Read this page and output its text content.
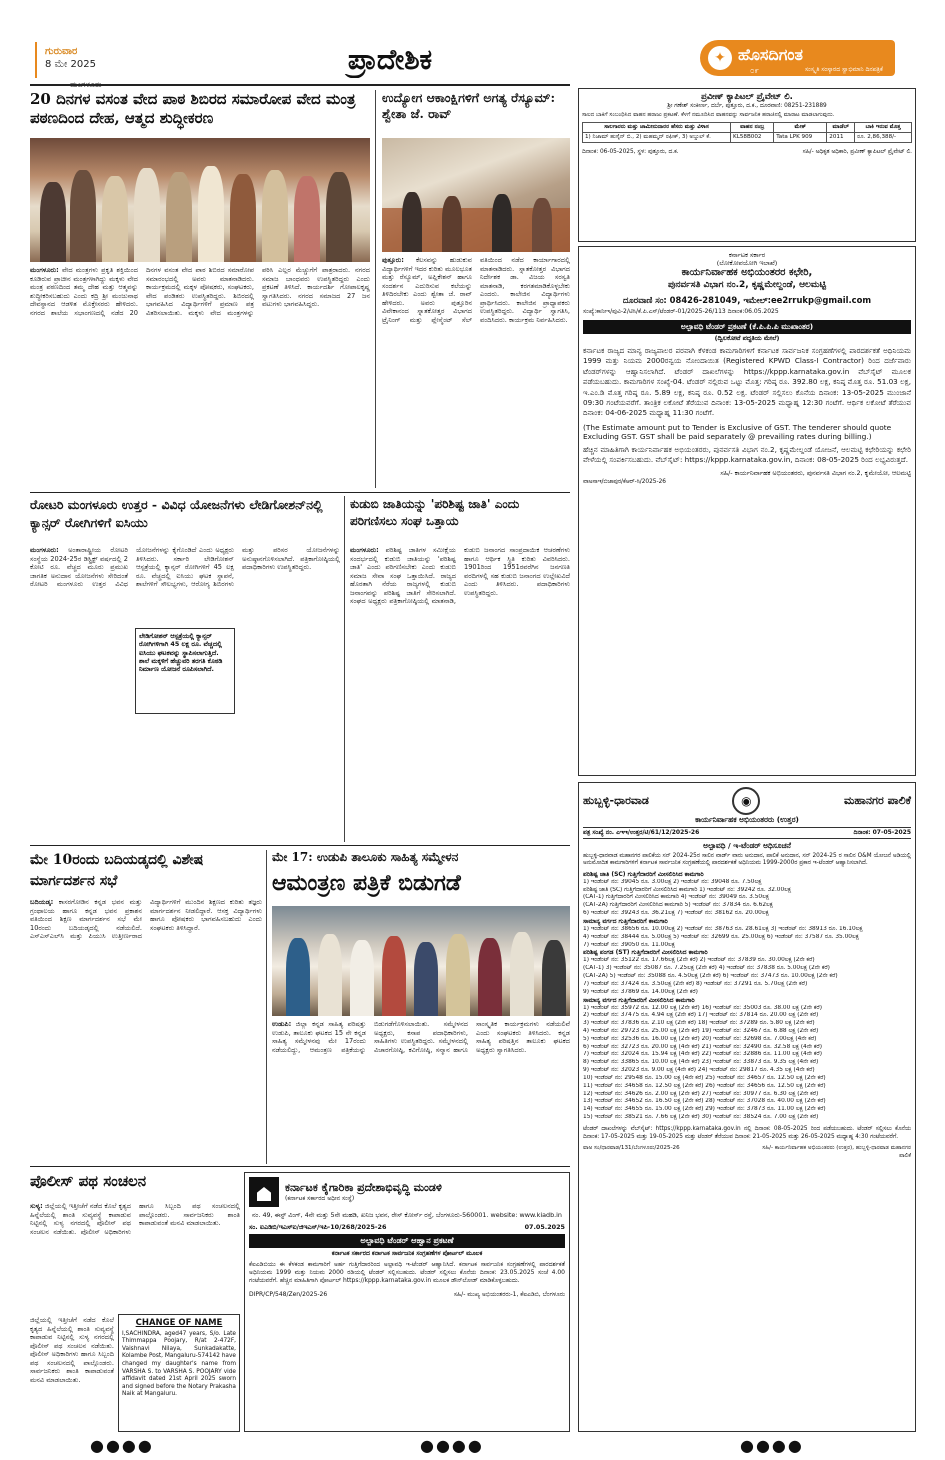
ಗುರುವಾರ
8 ಮೇ 2025	ಪ್ರಾದೇಶಿಕ	✦ ಹೊಸದಿಗಂತ
೦೯	ಸಂಸ್ಕೃತಿ ಸಂಸ್ಕಾರದ ಸ್ವಾಭಿಮಾನಿ ದಿನಪತ್ರಿಕೆ
20 ದಿನಗಳ ವಸಂತ ವೇದ ಪಾಠ ಶಿಬಿರದ ಸಮಾರೋಪ ವೇದ ಮಂತ್ರ ಪಠಣದಿಂದ ದೇಹ, ಆತ್ಮದ ಶುದ್ಧೀಕರಣ
ಮಂಗಳೂರು: ವೇದ ಮಂತ್ರಗಳು ಪ್ರಕೃತಿ ಶಕ್ತಿಯಿಂದ ಕೂಡಿರುವ ಪ್ರಾಚೀನ ಮಂತ್ರಗಳಾಗಿದ್ದು ಮಕ್ಕಳು ವೇದ ಮಂತ್ರ ಪಠಣದಿಂದ ತಮ್ಮ ದೇಹ ಮತ್ತು ಆತ್ಮವನ್ನು ಶುದ್ಧೀಕರಿಸಬಹುದು ಎಂದು ಕದ್ರಿ ಶ್ರೀ ಮಂಜುನಾಥ ದೇವಸ್ಥಾನದ ಆಡಳಿತ ಮೊಕ್ತೇಸರರು ಹೇಳಿದರು. ನಗರದ ಶಾಲೆಯ ಸಭಾಂಗಣದಲ್ಲಿ ನಡೆದ 20 ದಿನಗಳ ವಸಂತ ವೇದ ಪಾಠ ಶಿಬಿರದ ಸಮಾರೋಪ ಸಮಾರಂಭದಲ್ಲಿ ಅವರು ಮಾತನಾಡಿದರು. ಕಾರ್ಯಕ್ರಮದಲ್ಲಿ ಮಕ್ಕಳ ಪೋಷಕರು, ಸಂಘಟಕರು, ವೇದ ಪಂಡಿತರು ಉಪಸ್ಥಿತರಿದ್ದರು. ಶಿಬಿರದಲ್ಲಿ ಭಾಗವಹಿಸಿದ ವಿದ್ಯಾರ್ಥಿಗಳಿಗೆ ಪ್ರಮಾಣ ಪತ್ರ ವಿತರಿಸಲಾಯಿತು. ಮಕ್ಕಳು ವೇದ ಮಂತ್ರಗಳನ್ನು ಪಠಿಸಿ ಎಲ್ಲರ ಮೆಚ್ಚುಗೆಗೆ ಪಾತ್ರರಾದರು. ನಗರದ ಸಮಾಜ ಬಾಂಧವರು ಉಪಸ್ಥಿತರಿದ್ದರು ಎಂದು ಪ್ರಕಟಣೆ ತಿಳಿಸಿದೆ. ಕಾರ್ಯದರ್ಶಿ ಗೋಪಾಲಕೃಷ್ಣ ಸ್ವಾಗತಿಸಿದರು. ನಗರದ ಸಮಾಜದ 27 ಜನ ವಟುಗಳು ಭಾಗವಹಿಸಿದ್ದರು.
ಉದ್ಯೋಗ ಆಕಾಂಕ್ಷಿಗಳಿಗೆ ಅಗತ್ಯ ರೆಸ್ಯೂಮ್: ಶ್ವೇತಾ ಜೆ. ರಾವ್
ಪುತ್ತೂರು: ಕೆಲಸವನ್ನು ಹುಡುಕುವ ವಿದ್ಯಾರ್ಥಿಗಳಿಗೆ ಇದರ ಕುರಿತು ಮೂಲಭೂತ ಮತ್ತು ರೆಸ್ಯೂಮ್, ಅಪ್ಲಿಕೇಶನ್ ಹಾಗೂ ಸಂದರ್ಶನ ಎದುರಿಸುವ ಕಲೆಯನ್ನು ತಿಳಿದಿರಬೇಕು ಎಂದು ಶ್ವೇತಾ ಜೆ. ರಾವ್ ಹೇಳಿದರು. ಅವರು ಪುತ್ತೂರಿನ ವಿವೇಕಾನಂದ ಸ್ನಾತಕೋತ್ತರ ವಿಭಾಗದ ಟ್ರೈನಿಂಗ್ ಮತ್ತು ಪ್ಲೇಸ್ಮೆಂಟ್ ಸೆಲ್ ವತಿಯಿಂದ ನಡೆದ ಕಾರ್ಯಾಗಾರದಲ್ಲಿ ಮಾತನಾಡಿದರು. ಸ್ನಾತಕೋತ್ತರ ವಿಭಾಗದ ನಿರ್ದೇಶಕ ಡಾ. ವಿಜಯ ಸರಸ್ವತಿ ಮಾತನಾಡಿ, ಕರಗತಮಾಡಿಕೊಳ್ಳಬೇಕು ಎಂದರು. ಕಾಲೇಜಿನ ವಿದ್ಯಾರ್ಥಿಗಳು ಪ್ರಾರ್ಥಿಸಿದರು. ಕಾಲೇಜಿನ ಪ್ರಾಧ್ಯಾಪಕರು ಉಪಸ್ಥಿತರಿದ್ದರು. ವಿದ್ಯಾರ್ಥಿ ಸ್ವಾಗತಿಸಿ, ವಂದಿಸಿದರು. ಕಾರ್ಯಕ್ರಮ ನಿರ್ವಹಿಸಿದರು.
ರೋಟರಿ ಮಂಗಳೂರು ಉತ್ತರ - ವಿವಿಧ ಯೋಜನೆಗಳು ಲೇಡಿಗೋಶನ್‌ನಲ್ಲಿ ಕ್ಯಾನ್ಸರ್ ರೋಗಿಗಳಿಗೆ ಐಸಿಯು
ಮಂಗಳೂರು: ಅಂತಾರಾಷ್ಟ್ರೀಯ ರೋಟರಿ ಸಂಸ್ಥೆಯ 2024-25ರ ಡಿಸ್ಟ್ರಿಕ್ಟ್ ವರ್ಷದಲ್ಲಿ 2 ಕೋಟಿ ರೂ. ವೆಚ್ಚದ ಮೂರು ಪ್ರಮುಖ ಜಾಗತಿಕ ಅನುದಾನ ಯೋಜನೆಗಳು ಸೇರಿದಂತೆ ರೋಟರಿ ಮಂಗಳೂರು ಉತ್ತರ ವಿವಿಧ ಯೋಜನೆಗಳನ್ನು ಕೈಗೊಂಡಿದೆ ಎಂದು ಅಧ್ಯಕ್ಷರು ತಿಳಿಸಿದರು. ಸರ್ಕಾರಿ ಲೇಡಿಗೋಶನ್ ಆಸ್ಪತ್ರೆಯಲ್ಲಿ ಕ್ಯಾನ್ಸರ್ ರೋಗಿಗಳಿಗೆ 45 ಲಕ್ಷ ರೂ. ವೆಚ್ಚದಲ್ಲಿ ಐಸಿಯು ಘಟಕ ಸ್ಥಾಪನೆ, ಶಾಲೆಗಳಿಗೆ ಸೌಲಭ್ಯಗಳು, ಆರೋಗ್ಯ ಶಿಬಿರಗಳು ಮತ್ತು ಪರಿಸರ ಯೋಜನೆಗಳನ್ನು ಅನುಷ್ಠಾನಗೊಳಿಸಲಾಗಿದೆ. ಪತ್ರಿಕಾಗೋಷ್ಠಿಯಲ್ಲಿ ಪದಾಧಿಕಾರಿಗಳು ಉಪಸ್ಥಿತರಿದ್ದರು.
ಲೇಡಿಗೋಶನ್ ಆಸ್ಪತ್ರೆಯಲ್ಲಿ ಕ್ಯಾನ್ಸರ್ ರೋಗಿಗಳಿಗಾಗಿ 45 ಲಕ್ಷ ರೂ. ವೆಚ್ಚದಲ್ಲಿ ಐಸಿಯು ಘಟಕವನ್ನು ಸ್ಥಾಪಿಸಲಾಗುತ್ತಿದೆ. ಶಾಲೆ ಮಕ್ಕಳಿಗೆ ಹೆಚ್ಚುವರಿ ತರಗತಿ ಕೊಠಡಿ ನಿರ್ಮಾಣ ಯೋಜನೆ ರೂಪಿಸಲಾಗಿದೆ.
ಕುಡುಬಿ ಜಾತಿಯನ್ನು 'ಪರಿಶಿಷ್ಟ ಜಾತಿ' ಎಂದು ಪರಿಗಣಿಸಲು ಸಂಘ ಒತ್ತಾಯ
ಮಂಗಳೂರು: ಪರಿಶಿಷ್ಟ ಜಾತಿಗಳ ಸಮೀಕ್ಷೆಯ ಸಂದರ್ಭದಲ್ಲಿ ಕುಡುಬಿ ಜಾತಿಯನ್ನು 'ಪರಿಶಿಷ್ಟ ಜಾತಿ' ಎಂದು ಪರಿಗಣಿಸಬೇಕು ಎಂದು ಕುಡುಬಿ ಸಮಾಜ ಸೇವಾ ಸಂಘ ಒತ್ತಾಯಿಸಿದೆ. ರಾಜ್ಯದ ಹೊರತಾಗಿ ನೆರೆಯ ರಾಜ್ಯಗಳಲ್ಲಿ ಕುಡುಬಿ ಜನಾಂಗವನ್ನು ಪರಿಶಿಷ್ಟ ಜಾತಿಗೆ ಸೇರಿಸಲಾಗಿದೆ. ಸಂಘದ ಅಧ್ಯಕ್ಷರು ಪತ್ರಿಕಾಗೋಷ್ಠಿಯಲ್ಲಿ ಮಾತನಾಡಿ, ಕುಡುಬಿ ಜನಾಂಗದ ಸಾಂಪ್ರದಾಯಿಕ ಆಚರಣೆಗಳು ಹಾಗೂ ಆರ್ಥಿಕ ಸ್ಥಿತಿ ಕುರಿತು ವಿವರಿಸಿದರು. 1901ರಿಂದ 1951ರವರೆಗಿನ ಜನಗಣತಿ ವರದಿಗಳಲ್ಲಿ ಸಹ ಕುಡುಬಿ ಜನಾಂಗದ ಉಲ್ಲೇಖವಿದೆ ಎಂದು ತಿಳಿಸಿದರು. ಪದಾಧಿಕಾರಿಗಳು ಉಪಸ್ಥಿತರಿದ್ದರು.
ಮೇ 10ರಂದು ಬದಿಯಡ್ಕದಲ್ಲಿ ವಿಶೇಷ ಮಾರ್ಗದರ್ಶನ ಸಭೆ
ಬದಿಯಡ್ಕ: ಕಾಸರಗೋಡಿನ ಕನ್ನಡ ಭವನ ಮತ್ತು ಗ್ರಂಥಾಲಯ ಹಾಗೂ ಕನ್ನಡ ಭವನ ಪ್ರಕಾಶನ ವತಿಯಿಂದ ಶಿಕ್ಷಣ ಮಾರ್ಗದರ್ಶನ ಸಭೆ ಮೇ 10ರಂದು ಬದಿಯಡ್ಕದಲ್ಲಿ ನಡೆಯಲಿದೆ. ಎಸ್‌ಎಸ್‌ಎಲ್‌ಸಿ ಮತ್ತು ಪಿಯುಸಿ ಉತ್ತೀರ್ಣರಾದ ವಿದ್ಯಾರ್ಥಿಗಳಿಗೆ ಮುಂದಿನ ಶಿಕ್ಷಣದ ಕುರಿತು ತಜ್ಞರು ಮಾರ್ಗದರ್ಶನ ನೀಡಲಿದ್ದಾರೆ. ಆಸಕ್ತ ವಿದ್ಯಾರ್ಥಿಗಳು ಹಾಗೂ ಪೋಷಕರು ಭಾಗವಹಿಸಬಹುದು ಎಂದು ಸಂಘಟಕರು ತಿಳಿಸಿದ್ದಾರೆ.
ಮೇ 17: ಉಡುಪಿ ತಾಲೂಕು ಸಾಹಿತ್ಯ ಸಮ್ಮೇಳನ
ಆಮಂತ್ರಣ ಪತ್ರಿಕೆ ಬಿಡುಗಡೆ
ಉಡುಪಿ: ಜಿಲ್ಲಾ ಕನ್ನಡ ಸಾಹಿತ್ಯ ಪರಿಷತ್ತು ಉಡುಪಿ, ತಾಲೂಕು ಘಟಕದ 15 ನೇ ಕನ್ನಡ ಸಾಹಿತ್ಯ ಸಮ್ಮೇಳನವು ಮೇ 17ರಂದು ನಡೆಯಲಿದ್ದು, ಆಮಂತ್ರಣ ಪತ್ರಿಕೆಯನ್ನು ಬಿಡುಗಡೆಗೊಳಿಸಲಾಯಿತು. ಸಮ್ಮೇಳನದ ಅಧ್ಯಕ್ಷರು, ಕಸಾಪ ಪದಾಧಿಕಾರಿಗಳು, ಸಾಹಿತಿಗಳು ಉಪಸ್ಥಿತರಿದ್ದರು. ಸಮ್ಮೇಳನದಲ್ಲಿ ವಿಚಾರಗೋಷ್ಠಿ, ಕವಿಗೋಷ್ಠಿ, ಸನ್ಮಾನ ಹಾಗೂ ಸಾಂಸ್ಕೃತಿಕ ಕಾರ್ಯಕ್ರಮಗಳು ನಡೆಯಲಿವೆ ಎಂದು ಸಂಘಟಕರು ತಿಳಿಸಿದರು. ಕನ್ನಡ ಸಾಹಿತ್ಯ ಪರಿಷತ್ತಿನ ತಾಲೂಕು ಘಟಕದ ಅಧ್ಯಕ್ಷರು ಸ್ವಾಗತಿಸಿದರು.
ಪೊಲೀಸ್ ಪಥ ಸಂಚಲನ
ಸುಳ್ಯ: ಜಿಲ್ಲೆಯಲ್ಲಿ ಇತ್ತೀಚೆಗೆ ನಡೆದ ಕೊಲೆ ಕೃತ್ಯದ ಹಿನ್ನೆಲೆಯಲ್ಲಿ ಶಾಂತಿ ಸುವ್ಯವಸ್ಥೆ ಕಾಪಾಡುವ ನಿಟ್ಟಿನಲ್ಲಿ ಸುಳ್ಯ ನಗರದಲ್ಲಿ ಪೊಲೀಸ್ ಪಥ ಸಂಚಲನ ನಡೆಯಿತು. ಪೊಲೀಸ್ ಅಧಿಕಾರಿಗಳು ಹಾಗೂ ಸಿಬ್ಬಂದಿ ಪಥ ಸಂಚಲನದಲ್ಲಿ ಪಾಲ್ಗೊಂಡರು. ಸಾರ್ವಜನಿಕರು ಶಾಂತಿ ಕಾಪಾಡುವಂತೆ ಮನವಿ ಮಾಡಲಾಯಿತು.
CHANGE OF NAME
I,SACHINDRA, aged47 years, S/o. Late Thimmappa Poojary, R/at 2-472F, Vaishnavi Nilaya, Sunkadakatte, Kolambe Post, Mangaluru-574142 have changed my daughter's name from VARSHA S. to VARSHA S. POOJARY vide affidavit dated 21st April 2025 sworn and signed before the Notary Prakasha Naik at Mangaluru.
ಜಿಲ್ಲೆಯಲ್ಲಿ ಇತ್ತೀಚೆಗೆ ನಡೆದ ಕೊಲೆ ಕೃತ್ಯದ ಹಿನ್ನೆಲೆಯಲ್ಲಿ ಶಾಂತಿ ಸುವ್ಯವಸ್ಥೆ ಕಾಪಾಡುವ ನಿಟ್ಟಿನಲ್ಲಿ ಸುಳ್ಯ ನಗರದಲ್ಲಿ ಪೊಲೀಸ್ ಪಥ ಸಂಚಲನ ನಡೆಯಿತು. ಪೊಲೀಸ್ ಅಧಿಕಾರಿಗಳು ಹಾಗೂ ಸಿಬ್ಬಂದಿ ಪಥ ಸಂಚಲನದಲ್ಲಿ ಪಾಲ್ಗೊಂಡರು. ಸಾರ್ವಜನಿಕರು ಶಾಂತಿ ಕಾಪಾಡುವಂತೆ ಮನವಿ ಮಾಡಲಾಯಿತು.
ಕರ್ನಾಟಕ ಕೈಗಾರಿಕಾ ಪ್ರದೇಶಾಭಿವೃದ್ಧಿ ಮಂಡಳಿ
(ಕರ್ನಾಟಕ ಸರ್ಕಾರದ ಅಧೀನ ಸಂಸ್ಥೆ)
ನಂ. 49, ಈಸ್ಟ್ ವಿಂಗ್, 4ನೇ ಮತ್ತು 5ನೇ ಮಹಡಿ, ಖನಿಜ ಭವನ, ರೇಸ್ ಕೋರ್ಸ್ ರಸ್ತೆ, ಬೆಂಗಳೂರು-560001. website: www.kiadb.in
ಸಂ. ಐಎಡಿಬಿ/ಇಎಸ್ಐ/ಜಿಇಎಸ್/ಇಪಿ-10/268/2025-26	07.05.2025
ಅಲ್ಪಾವಧಿ ಟೆಂಡರ್ ಆಹ್ವಾನ ಪ್ರಕಟಣೆ
ಕರ್ನಾಟಕ ಸರ್ಕಾರದ ಕರ್ನಾಟಕ ಸಾರ್ವಜನಿಕ ಸಂಗ್ರಹಣೆಗಳ ಪೋರ್ಟಲ್ ಮೂಲಕ
ಕೆಐಎಡಿಬಿಯು ಈ ಕೆಳಕಂಡ ಕಾಮಗಾರಿಗೆ ಅರ್ಹ ಗುತ್ತಿಗೆದಾರರಿಂದ ಅಲ್ಪಾವಧಿ ಇ-ಟೆಂಡರ್ ಆಹ್ವಾನಿಸಿದೆ. ಕರ್ನಾಟಕ ಸಾರ್ವಜನಿಕ ಸಂಗ್ರಹಣೆಗಳಲ್ಲಿ ಪಾರದರ್ಶಕತೆ ಅಧಿನಿಯಮ 1999 ಮತ್ತು ನಿಯಮ 2000 ರಡಿಯಲ್ಲಿ ಟೆಂಡರ್ ಸಲ್ಲಿಸಬಹುದು. ಟೆಂಡರ್ ಸಲ್ಲಿಸಲು ಕೊನೆಯ ದಿನಾಂಕ: 23.05.2025 ಸಂಜೆ 4.00 ಗಂಟೆಯವರೆಗೆ. ಹೆಚ್ಚಿನ ಮಾಹಿತಿಗಾಗಿ ಪೋರ್ಟಲ್ https://kppp.karnataka.gov.in ಮೂಲಕ ಡೌನ್‌ಲೋಡ್ ಮಾಡಿಕೊಳ್ಳಬಹುದು.
DIPR/CP/548/Zen/2025-26	ಸಹಿ/- ಮುಖ್ಯ ಅಭಿಯಂತರರು-1, ಕೆಐಎಡಿಬಿ, ಬೆಂಗಳೂರು
ಪ್ರವೀಣ್ ಕ್ಯಾಪಿಟಲ್ ಪ್ರೈವೇಟ್ ಲಿ.
ಶ್ರೀ ಗಣೇಶ್ ಸಂಕೀರ್ಣ, ದರ್ಬೆ, ಪುತ್ತೂರು, ದ.ಕ., ದೂರವಾಣಿ: 08251-231889
ಸಾಲದ ಬಾಕಿಗೆ ಸಂಬಂಧಿಸಿದ ವಾಹನ ಹರಾಜು ಪ್ರಕಟಣೆ. ಕೆಳಗೆ ನಮೂದಿಸಿದ ವಾಹನವನ್ನು ಸಾರ್ವಜನಿಕ ಹರಾಜಿನಲ್ಲಿ ಮಾರಾಟ ಮಾಡಲಾಗುವುದು.
ಸಾಲಗಾರರು ಮತ್ತು ಜಾಮೀನುದಾರರ ಹೆಸರು ಮತ್ತು ವಿಳಾಸ	ವಾಹನ ನಂಬ್ರ	ಮೇಕ್	ಮಾಡೆಲ್	ಬಾಕಿ ಇರುವ ಮೊತ್ತ
1) ನಿಜಾಮ್ ಹುಸೈನ್ ಬಿ., 2) ಮಹಮ್ಮದ್ ರಫೀಕ್, 3) ಅಬ್ದುಲ್ ಕೆ.	KL58B002	Tata LPK 909	2011	ರೂ. 2,86,388/-
ದಿನಾಂಕ: 06-05-2025, ಸ್ಥಳ: ಪುತ್ತೂರು, ದ.ಕ.	ಸಹಿ/- ಅಧಿಕೃತ ಅಧಿಕಾರಿ, ಪ್ರವೀಣ್ ಕ್ಯಾಪಿಟಲ್ ಪ್ರೈವೇಟ್ ಲಿ.
ಕರ್ನಾಟಕ ಸರ್ಕಾರ
(ಲೋಕೋಪಯೋಗಿ ಇಲಾಖೆ)
ಕಾರ್ಯನಿರ್ವಾಹಕ ಅಭಿಯಂತರರ ಕಛೇರಿ,
ಪುನರ್ವಸತಿ ವಿಭಾಗ ನಂ.2, ಕೃಷ್ಣಮೇಲ್ದಂಡೆ, ಆಲಮಟ್ಟಿ
ದೂರವಾಣಿ ಸಂ: 08426-281049, ಇಮೇಲ್:ee2rrukp@gmail.com
ಸಂಖ್ಯೆ:ಕಾನೀಇ/ಪುವಿ-2/ಟಿಸಿ/ಕೆ.ಪಿ.ಎಸ್/ಟೆಂಡರ್-01/2025-26/113 ದಿನಾಂಕ:06.05.2025
ಅಲ್ಪಾವಧಿ ಟೆಂಡರ್ ಪ್ರಕಟಣೆ (ಕೆ.ಪಿ.ಪಿ.ಪಿ ಮುಖಾಂತರ)
(ದ್ವಿಲಕೋಟೆ ಪದ್ಧತಿಯ ಮೇಲೆ)
ಕರ್ನಾಟಕ ರಾಜ್ಯದ ಮಾನ್ಯ ರಾಜ್ಯಪಾಲರ ಪರವಾಗಿ ಕೆಳಕಂಡ ಕಾಮಗಾರಿಗಳಿಗೆ ಕರ್ನಾಟಕ ಸಾರ್ವಜನಿಕ ಸಂಗ್ರಹಣೆಗಳಲ್ಲಿ ಪಾರದರ್ಶಕತೆ ಅಧಿನಿಯಮ 1999 ಮತ್ತು ನಿಯಮ 2000ರನ್ವಯ ನೋಂದಾಯಿತ (Registered KPWD Class-I Contractor) ರಿಂದ ದರ್ಜೆವಾರು ಟೆಂಡರ್‌ಗಳನ್ನು ಆಹ್ವಾನಿಸಲಾಗಿದೆ. ಟೆಂಡರ್ ದಾಖಲೆಗಳನ್ನು https://kppp.karnataka.gov.in ವೆಬ್‌ಸೈಟ್ ಮೂಲಕ ಪಡೆಯಬಹುದು. ಕಾಮಗಾರಿಗಳ ಸಂಖ್ಯೆ-04. ಟೆಂಡರ್ ನಲ್ಲಿರುವ ಒಟ್ಟು ಮೊತ್ತ: ಗರಿಷ್ಠ ರೂ. 392.80 ಲಕ್ಷ, ಕನಿಷ್ಠ ಮೊತ್ತ ರೂ. 51.03 ಲಕ್ಷ, ಇ.ಎಂ.ಡಿ ಮೊತ್ತ ಗರಿಷ್ಠ ರೂ. 5.89 ಲಕ್ಷ, ಕನಿಷ್ಠ ರೂ. 0.52 ಲಕ್ಷ. ಟೆಂಡರ್ ಸಲ್ಲಿಸಲು ಕೊನೆಯ ದಿನಾಂಕ: 13-05-2025 ಮುಂಜಾನೆ 09:30 ಗಂಟೆಯವರೆಗೆ. ತಾಂತ್ರಿಕ ಲಕೋಟೆ ತೆರೆಯುವ ದಿನಾಂಕ: 13-05-2025 ಮಧ್ಯಾಹ್ನ 12:30 ಗಂಟೆಗೆ. ಆರ್ಥಿಕ ಲಕೋಟೆ ತೆರೆಯುವ ದಿನಾಂಕ: 04-06-2025 ಮಧ್ಯಾಹ್ನ 11:30 ಗಂಟೆಗೆ.
(The Estimate amount put to Tender is Exclusive of GST. The tenderer should quote Excluding GST. GST shall be paid separately @ prevailing rates during billing.)
ಹೆಚ್ಚಿನ ಮಾಹಿತಿಗಾಗಿ ಕಾರ್ಯನಿರ್ವಾಹಕ ಅಭಿಯಂತರರು, ಪುನರ್ವಸತಿ ವಿಭಾಗ ನಂ.2, ಕೃಷ್ಣಮೇಲ್ದಂಡೆ ಯೋಜನೆ, ಆಲಮಟ್ಟಿ ಕಛೇರಿಯನ್ನು ಕಛೇರಿ ವೇಳೆಯಲ್ಲಿ ಸಂಪರ್ಕಿಸಬಹುದು. ವೆಬ್‌ಸೈಟ್: https://kppp.karnataka.gov.in, ದಿನಾಂಕ: 08-05-2025 ರಿಂದ ಲಭ್ಯವಿರುತ್ತದೆ.
ಸಹಿ/- ಕಾರ್ಯನಿರ್ವಾಹಕ ಅಭಿಯಂತರರು, ಪುನರ್ವಸತಿ ವಿಭಾಗ ನಂ.2, ಕೃಮೇಯೋ, ಆಲಮಟ್ಟಿ
ವಾಅಸಾಇ/ಬಿಜಾಪುರ/ಕೆಆರ್-ಸಿ/2025-26
ಹುಬ್ಬಳ್ಳಿ-ಧಾರವಾಡ	◉	ಮಹಾನಗರ ಪಾಲಿಕೆ
ಕಾರ್ಯನಿರ್ವಾಹಕ ಅಭಿಯಂತರರು (ಉತ್ತರ)
ಪತ್ರ ಸಂಖ್ಯೆ ನಂ. ಎಇಇ/ಉತ್ತರ/ಟಿ/61/12/2025-26	ದಿನಾಂಕ: 07-05-2025
ಅಲ್ಪಾವಧಿ / ಇ-ಟೆಂಡರ್ ಅಧಿಸೂಚನೆ
ಹುಬ್ಬಳ್ಳಿ-ಧಾರವಾಡ ಮಹಾನಗರ ಪಾಲಿಕೆಯ ಸನ್ 2024-25ರ ಸಾಲಿನ ವಾರ್ಡ್ ವಾರು ಅನುದಾನ, ಪಾಲಿಕೆ ಅನುದಾನ, ಸನ್ 2024-25 ರ ಸಾಲಿನ O&M ಯೋಜನೆ ಅಡಿಯಲ್ಲಿ ಅನುಮೋದಿತ ಕಾಮಗಾರಿಗಳಿಗೆ ಕರ್ನಾಟಕ ಸಾರ್ವಜನಿಕ ಸಂಗ್ರಹಣೆಯಲ್ಲಿ ಪಾರದರ್ಶಕತೆ ಅಧಿನಿಯಮ 1999-2000ರ ಪ್ರಕಾರ ಇ-ಟೆಂಡರ್ ಆಹ್ವಾನಿಸಲಾಗಿದೆ.
ಪರಿಶಿಷ್ಟ ಜಾತಿ (SC) ಗುತ್ತಿಗೆದಾರರಿಗೆ ಮೀಸಲಿರಿಸಿದ ಕಾಮಗಾರಿ
1) ಇಂಡೆಂಟ್ ನಂ: 39045 ರೂ. 3.00ಲಕ್ಷ 2) ಇಂಡೆಂಟ್ ನಂ: 39048 ರೂ. 7.50ಲಕ್ಷ
ಪರಿಶಿಷ್ಟ ಜಾತಿ (SC) ಗುತ್ತಿಗೆದಾರರಿಗೆ ಮೀಸಲಿರಿಸಿದ ಕಾಮಗಾರಿ 1) ಇಂಡೆಂಟ್ ನಂ: 39242 ರೂ. 32.00ಲಕ್ಷ
(CAT-1) ಗುತ್ತಿಗೆದಾರರಿಗೆ ಮೀಸಲಿರಿಸಿದ ಕಾಮಗಾರಿ 4) ಇಂಡೆಂಟ್ ನಂ: 39049 ರೂ. 3.50ಲಕ್ಷ
(CAT-2A) ಗುತ್ತಿಗೆದಾರರಿಗೆ ಮೀಸಲಿರಿಸಿದ ಕಾಮಗಾರಿ 5) ಇಂಡೆಂಟ್ ನಂ: 37834 ರೂ. 6.62ಲಕ್ಷ
6) ಇಂಡೆಂಟ್ ನಂ: 39243 ರೂ. 36.21ಲಕ್ಷ 7) ಇಂಡೆಂಟ್ ನಂ: 38162 ರೂ. 20.00ಲಕ್ಷ
ಸಾಮಾನ್ಯ ವರ್ಗದ ಗುತ್ತಿಗೆದಾರರಿಗೆ ಕಾಮಗಾರಿ
1) ಇಂಡೆಂಟ್ ನಂ: 38656 ರೂ. 10.00ಲಕ್ಷ 2) ಇಂಡೆಂಟ್ ನಂ: 38763 ರೂ. 28.61ಲಕ್ಷ 3) ಇಂಡೆಂಟ್ ನಂ: 38913 ರೂ. 16.10ಲಕ್ಷ
4) ಇಂಡೆಂಟ್ ನಂ: 38444 ರೂ. 5.00ಲಕ್ಷ 5) ಇಂಡೆಂಟ್ ನಂ: 32699 ರೂ. 25.00ಲಕ್ಷ 6) ಇಂಡೆಂಟ್ ನಂ: 37587 ರೂ. 35.00ಲಕ್ಷ
7) ಇಂಡೆಂಟ್ ನಂ: 39050 ರೂ. 11.00ಲಕ್ಷ
ಪರಿಶಿಷ್ಟ ಪಂಗಡ (ST) ಗುತ್ತಿಗೆದಾರರಿಗೆ ಮೀಸಲಿರಿಸಿದ ಕಾಮಗಾರಿ
1) ಇಂಡೆಂಟ್ ನಂ: 35122 ರೂ. 17.66ಲಕ್ಷ (2ನೇ ಕರೆ) 2) ಇಂಡೆಂಟ್ ನಂ: 37839 ರೂ. 30.00ಲಕ್ಷ (2ನೇ ಕರೆ)
(CAT-1) 3) ಇಂಡೆಂಟ್ ನಂ: 35087 ರೂ. 7.25ಲಕ್ಷ (2ನೇ ಕರೆ) 4) ಇಂಡೆಂಟ್ ನಂ: 37838 ರೂ. 5.00ಲಕ್ಷ (2ನೇ ಕರೆ)
(CAT-2A) 5) ಇಂಡೆಂಟ್ ನಂ: 35088 ರೂ. 4.50ಲಕ್ಷ (2ನೇ ಕರೆ) 6) ಇಂಡೆಂಟ್ ನಂ: 37473 ರೂ. 10.00ಲಕ್ಷ (2ನೇ ಕರೆ)
7) ಇಂಡೆಂಟ್ ನಂ: 37424 ರೂ. 3.50ಲಕ್ಷ (2ನೇ ಕರೆ) 8) ಇಂಡೆಂಟ್ ನಂ: 37291 ರೂ. 5.70ಲಕ್ಷ (2ನೇ ಕರೆ)
9) ಇಂಡೆಂಟ್ ನಂ: 37869 ರೂ. 14.00ಲಕ್ಷ (2ನೇ ಕರೆ)
ಸಾಮಾನ್ಯ ವರ್ಗದ ಗುತ್ತಿಗೆದಾರರಿಗೆ ಮೀಸಲಿರಿಸಿದ ಕಾಮಗಾರಿ
1) ಇಂಡೆಂಟ್ ನಂ: 35972 ರೂ. 12.00 ಲಕ್ಷ (2ನೇ ಕರೆ) 16) ಇಂಡೆಂಟ್ ನಂ: 35003 ರೂ. 38.00 ಲಕ್ಷ (2ನೇ ಕರೆ)
2) ಇಂಡೆಂಟ್ ನಂ: 37475 ರೂ. 4.94 ಲಕ್ಷ (2ನೇ ಕರೆ) 17) ಇಂಡೆಂಟ್ ನಂ: 37814 ರೂ. 20.00 ಲಕ್ಷ (2ನೇ ಕರೆ)
3) ಇಂಡೆಂಟ್ ನಂ: 37836 ರೂ. 2.10 ಲಕ್ಷ (2ನೇ ಕರೆ) 18) ಇಂಡೆಂಟ್ ನಂ: 37289 ರೂ. 5.80 ಲಕ್ಷ (2ನೇ ಕರೆ)
4) ಇಂಡೆಂಟ್ ನಂ: 29723 ರೂ. 25.00 ಲಕ್ಷ (2ನೇ ಕರೆ) 19) ಇಂಡೆಂಟ್ ನಂ: 32467 ರೂ. 6.88 ಲಕ್ಷ (2ನೇ ಕರೆ)
5) ಇಂಡೆಂಟ್ ನಂ: 32536 ರೂ. 16.00 ಲಕ್ಷ (2ನೇ ಕರೆ) 20) ಇಂಡೆಂಟ್ ನಂ: 32698 ರೂ. 7.00ಲಕ್ಷ (4ನೇ ಕರೆ)
6) ಇಂಡೆಂಟ್ ನಂ: 32723 ರೂ. 20.00 ಲಕ್ಷ (4ನೇ ಕರೆ) 21) ಇಂಡೆಂಟ್ ನಂ: 32490 ರೂ. 32.58 ಲಕ್ಷ (4ನೇ ಕರೆ)
7) ಇಂಡೆಂಟ್ ನಂ: 32024 ರೂ. 15.94 ಲಕ್ಷ (4ನೇ ಕರೆ) 22) ಇಂಡೆಂಟ್ ನಂ: 32886 ರೂ. 11.00 ಲಕ್ಷ (4ನೇ ಕರೆ)
8) ಇಂಡೆಂಟ್ ನಂ: 33865 ರೂ. 10.00 ಲಕ್ಷ (4ನೇ ಕರೆ) 23) ಇಂಡೆಂಟ್ ನಂ: 33873 ರೂ. 9.35 ಲಕ್ಷ (4ನೇ ಕರೆ)
9) ಇಂಡೆಂಟ್ ನಂ: 32023 ರೂ. 9.00 ಲಕ್ಷ (4ನೇ ಕರೆ) 24) ಇಂಡೆಂಟ್ ನಂ: 29817 ರೂ. 4.35 ಲಕ್ಷ (4ನೇ ಕರೆ)
10) ಇಂಡೆಂಟ್ ನಂ: 29548 ರೂ. 15.00 ಲಕ್ಷ (4ನೇ ಕರೆ) 25) ಇಂಡೆಂಟ್ ನಂ: 34657 ರೂ. 12.50 ಲಕ್ಷ (2ನೇ ಕರೆ)
11) ಇಂಡೆಂಟ್ ನಂ: 34658 ರೂ. 12.50 ಲಕ್ಷ (2ನೇ ಕರೆ) 26) ಇಂಡೆಂಟ್ ನಂ: 34656 ರೂ. 12.50 ಲಕ್ಷ (2ನೇ ಕರೆ)
12) ಇಂಡೆಂಟ್ ನಂ: 34626 ರೂ. 2.00 ಲಕ್ಷ (2ನೇ ಕರೆ) 27) ಇಂಡೆಂಟ್ ನಂ: 30977 ರೂ. 6.30 ಲಕ್ಷ (2ನೇ ಕರೆ)
13) ಇಂಡೆಂಟ್ ನಂ: 34652 ರೂ. 16.50 ಲಕ್ಷ (2ನೇ ಕರೆ) 28) ಇಂಡೆಂಟ್ ನಂ: 37028 ರೂ. 40.00 ಲಕ್ಷ (2ನೇ ಕರೆ)
14) ಇಂಡೆಂಟ್ ನಂ: 34655 ರೂ. 15.00 ಲಕ್ಷ (2ನೇ ಕರೆ) 29) ಇಂಡೆಂಟ್ ನಂ: 37873 ರೂ. 11.00 ಲಕ್ಷ (2ನೇ ಕರೆ)
15) ಇಂಡೆಂಟ್ ನಂ: 38521 ರೂ. 7.66 ಲಕ್ಷ (2ನೇ ಕರೆ) 30) ಇಂಡೆಂಟ್ ನಂ: 38524 ರೂ. 7.00 ಲಕ್ಷ (2ನೇ ಕರೆ)
ಟೆಂಡರ್ ದಾಖಲೆಗಳನ್ನು ವೆಬ್‌ಸೈಟ್: https://kppp.karnataka.gov.in ನಲ್ಲಿ ದಿನಾಂಕ: 08-05-2025 ರಿಂದ ಪಡೆಯಬಹುದು. ಟೆಂಡರ್ ಸಲ್ಲಿಸಲು ಕೊನೆಯ ದಿನಾಂಕ: 17-05-2025 ಮತ್ತು 19-05-2025 ಮತ್ತು ಟೆಂಡರ್ ತೆರೆಯುವ ದಿನಾಂಕ: 21-05-2025 ಮತ್ತು 26-05-2025 ಮಧ್ಯಾಹ್ನ 4:30 ಗಂಟೆಯವರೆಗೆ.
ವಾಅ ಸಂ/ಧಾರವಾಡ/131/ಬೆಂಗಳೂರು/2025-26	ಸಹಿ/- ಕಾರ್ಯನಿರ್ವಾಹಕ ಅಭಿಯಂತರರು (ಉತ್ತರ), ಹುಬ್ಬಳ್ಳಿ-ಧಾರವಾಡ ಮಹಾನಗರ ಪಾಲಿಕೆ
●●●●	●●●●	●●●●
